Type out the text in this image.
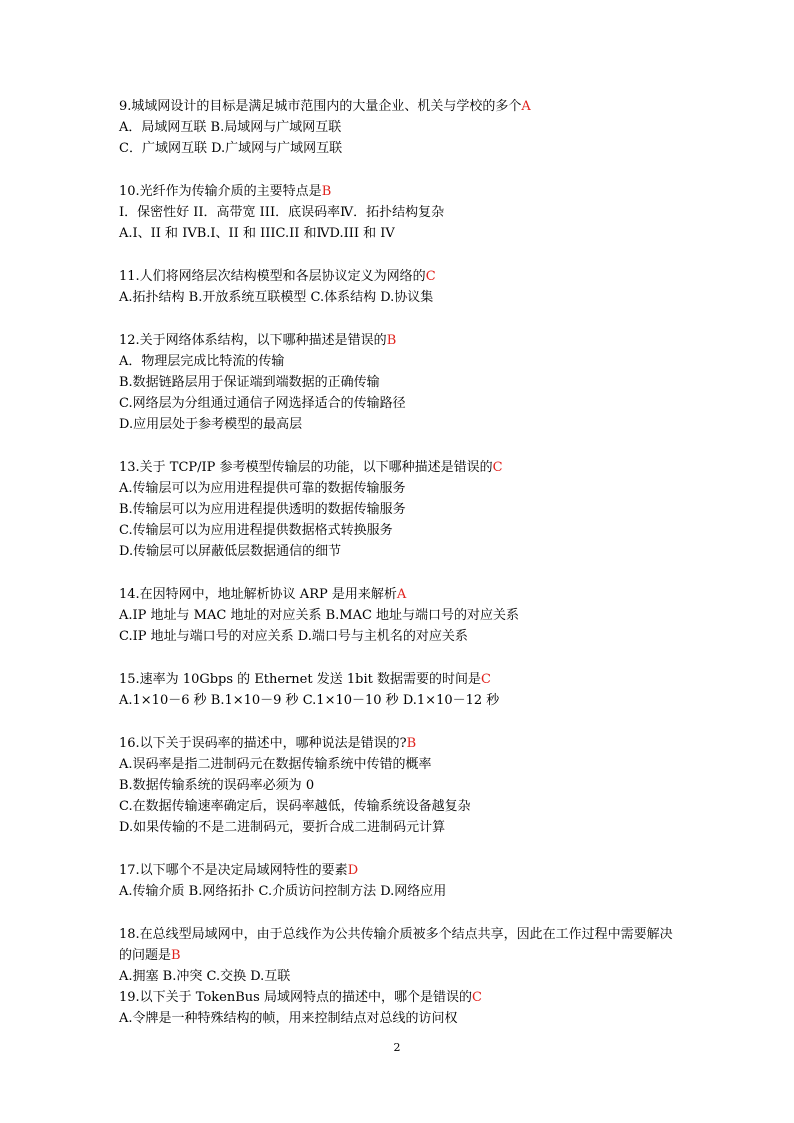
9.城域网设计的目标是满足城市范围内的大量企业、机关与学校的多个A
A．局域网互联 B.局域网与广域网互联
C．广域网互联 D.广域网与广域网互联
10.光纤作为传输介质的主要特点是B
I．保密性好 II．高带宽 III．底误码率Ⅳ．拓扑结构复杂
A.I、II 和 IVB.I、II 和 IIIC.II 和ⅣD.III 和 IV
11.人们将网络层次结构模型和各层协议定义为网络的C
A.拓扑结构 B.开放系统互联模型 C.体系结构 D.协议集
12.关于网络体系结构，以下哪种描述是错误的B
A．物理层完成比特流的传输
B.数据链路层用于保证端到端数据的正确传输
C.网络层为分组通过通信子网选择适合的传输路径
D.应用层处于参考模型的最高层
13.关于 TCP/IP 参考模型传输层的功能，以下哪种描述是错误的C
A.传输层可以为应用进程提供可靠的数据传输服务
B.传输层可以为应用进程提供透明的数据传输服务
C.传输层可以为应用进程提供数据格式转换服务
D.传输层可以屏蔽低层数据通信的细节
14.在因特网中，地址解析协议 ARP 是用来解析A
A.IP 地址与 MAC 地址的对应关系 B.MAC 地址与端口号的对应关系
C.IP 地址与端口号的对应关系 D.端口号与主机名的对应关系
15.速率为 10Gbps 的 Ethernet 发送 1bit 数据需要的时间是C
A.1×10－6 秒 B.1×10－9 秒 C.1×10－10 秒 D.1×10－12 秒
16.以下关于误码率的描述中，哪种说法是错误的?B
A.误码率是指二进制码元在数据传输系统中传错的概率
B.数据传输系统的误码率必须为 0
C.在数据传输速率确定后，误码率越低，传输系统设备越复杂
D.如果传输的不是二进制码元，要折合成二进制码元计算
17.以下哪个不是决定局域网特性的要素D
A.传输介质 B.网络拓扑 C.介质访问控制方法 D.网络应用
18.在总线型局域网中，由于总线作为公共传输介质被多个结点共享，因此在工作过程中需要解决的问题是B
A.拥塞 B.冲突 C.交换 D.互联
19.以下关于 TokenBus 局域网特点的描述中，哪个是错误的C
A.令牌是一种特殊结构的帧，用来控制结点对总线的访问权
2
